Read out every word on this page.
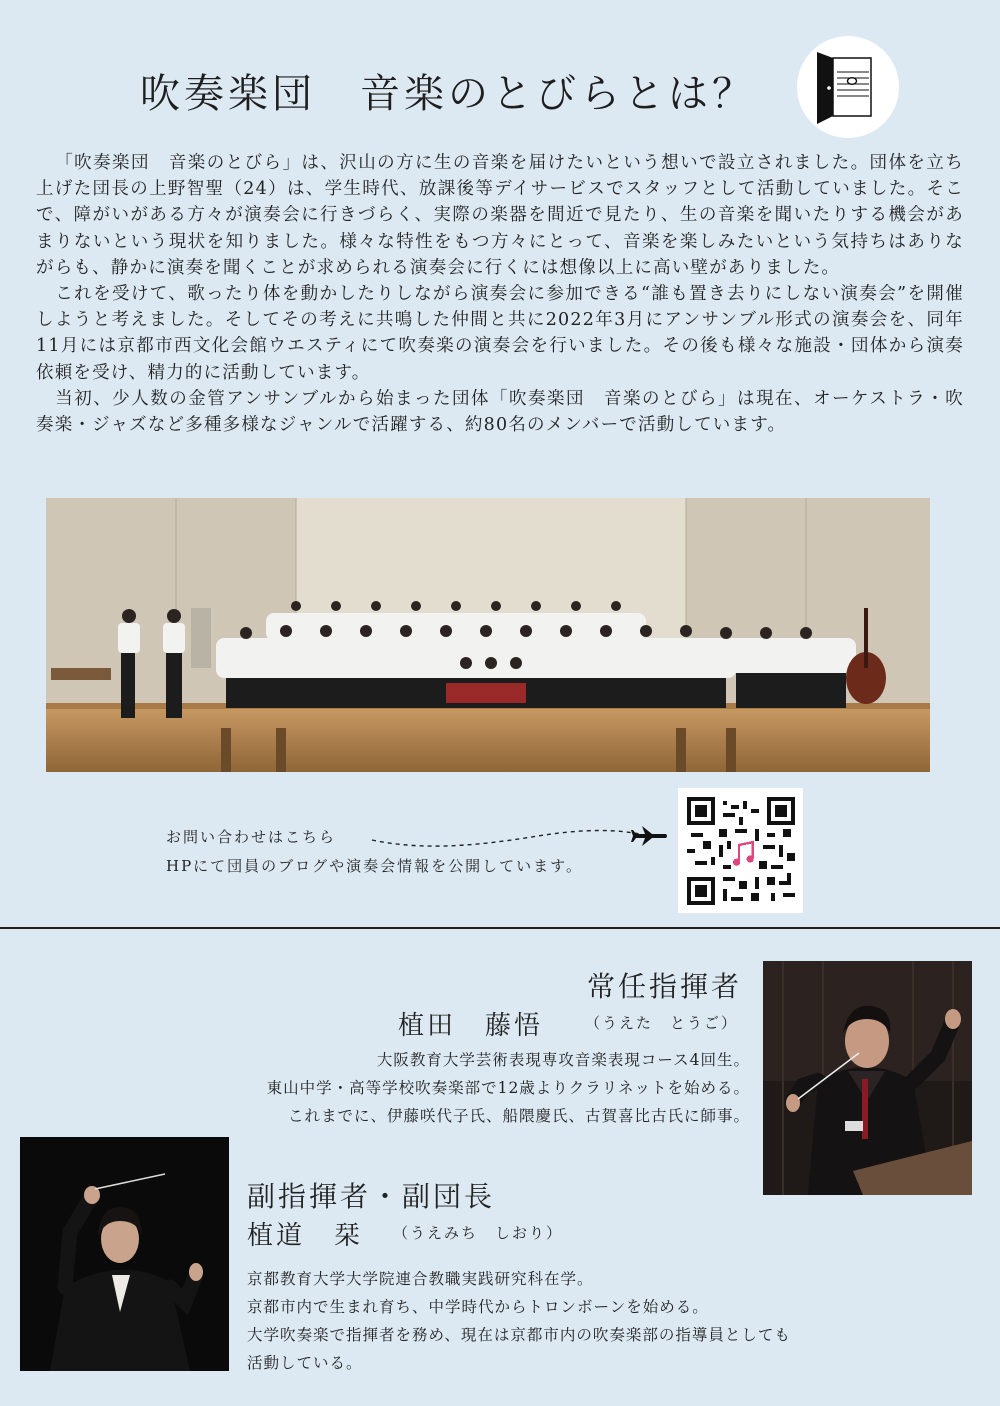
吹奏楽団　音楽のとびらとは？

「吹奏楽団　音楽のとびら」は、沢山の方に生の音楽を届けたいという想いで設立されました。団体を立ち上げた団長の上野智聖（24）は、学生時代、放課後等デイサービスでスタッフとして活動していました。そこで、障がいがある方々が演奏会に行きづらく、実際の楽器を間近で見たり、生の音楽を聞いたりする機会があまりないという現状を知りました。様々な特性をもつ方々にとって、音楽を楽しみたいという気持ちはありながらも、静かに演奏を聞くことが求められる演奏会に行くには想像以上に高い壁がありました。

これを受けて、歌ったり体を動かしたりしながら演奏会に参加できる“誰も置き去りにしない演奏会”を開催しようと考えました。そしてその考えに共鳴した仲間と共に2022年3月にアンサンブル形式の演奏会を、同年11月には京都市西文化会館ウエスティにて吹奏楽の演奏会を行いました。その後も様々な施設・団体から演奏依頼を受け、精力的に活動しています。

当初、少人数の金管アンサンブルから始まった団体「吹奏楽団　音楽のとびら」は現在、オーケストラ・吹奏楽・ジャズなど多種多様なジャンルで活躍する、約80名のメンバーで活動しています。

お問い合わせはこちら
HPにて団員のブログや演奏会情報を公開しています。
常任指揮者
植田　藤悟	（うえた　とうご）
大阪教育大学芸術表現専攻音楽表現コース4回生。
東山中学・高等学校吹奏楽部で12歳よりクラリネットを始める。
これまでに、伊藤咲代子氏、船隈慶氏、古賀喜比古氏に師事。
副指揮者・副団長
植道　栞 （うえみち　しおり）
京都教育大学大学院連合教職実践研究科在学。
京都市内で生まれ育ち、中学時代からトロンボーンを始める。
大学吹奏楽で指揮者を務め、現在は京都市内の吹奏楽部の指導員としても
活動している。
